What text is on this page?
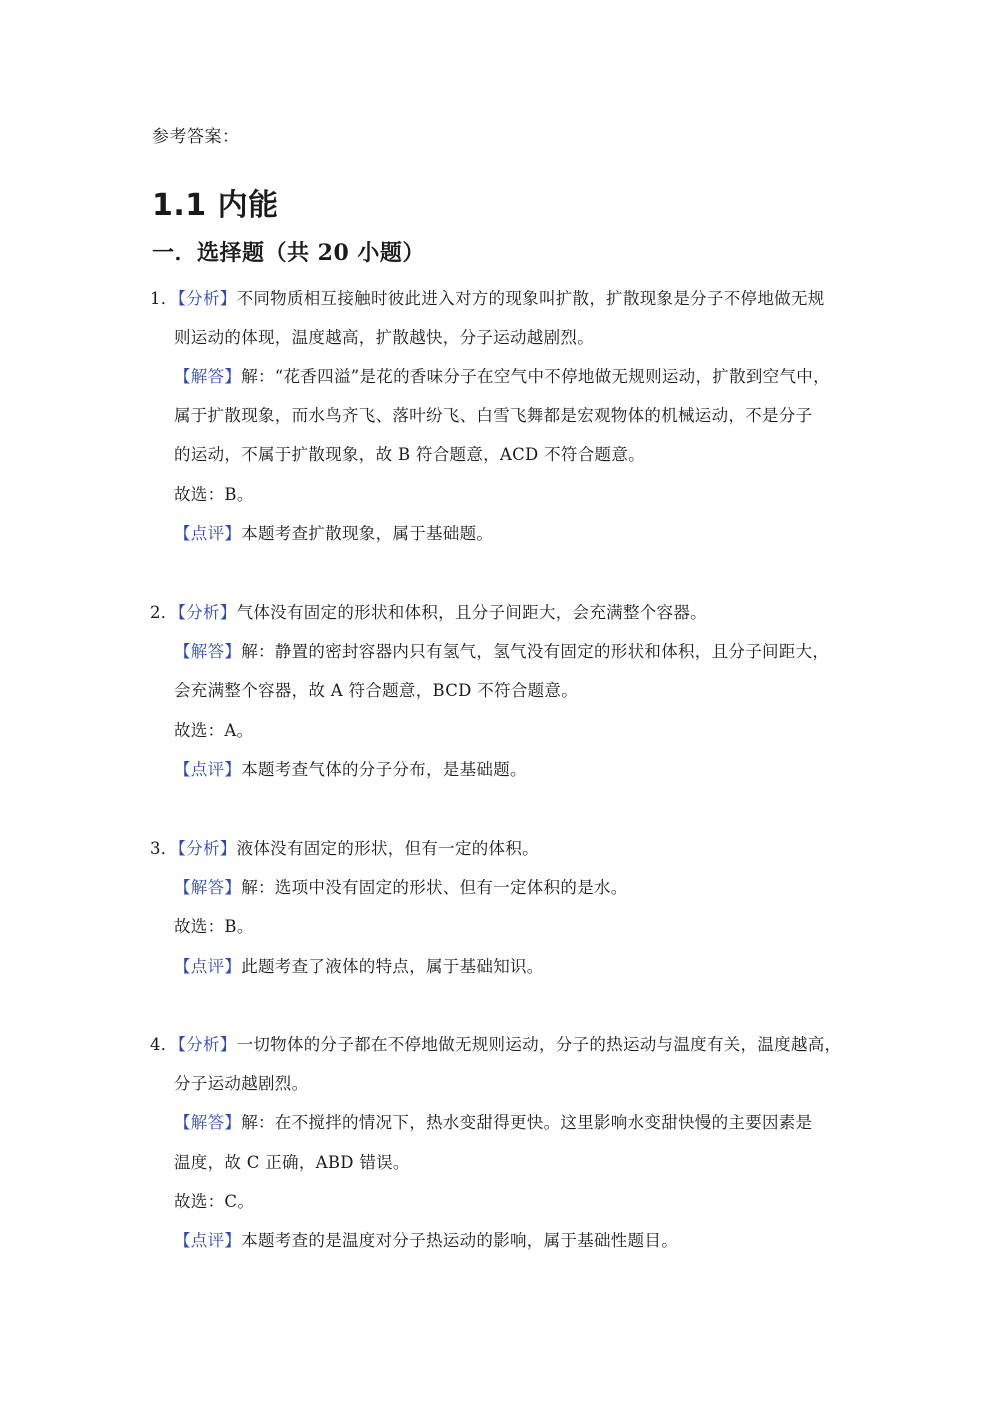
参考答案：
1.1 内能
一．选择题（共 20 小题）
1．【分析】不同物质相互接触时彼此进入对方的现象叫扩散，扩散现象是分子不停地做无规
则运动的体现，温度越高，扩散越快，分子运动越剧烈。
【解答】解：“花香四溢”是花的香味分子在空气中不停地做无规则运动，扩散到空气中，
属于扩散现象，而水鸟齐飞、落叶纷飞、白雪飞舞都是宏观物体的机械运动，不是分子
的运动，不属于扩散现象，故 B 符合题意，ACD 不符合题意。
故选：B。
【点评】本题考查扩散现象，属于基础题。
2．【分析】气体没有固定的形状和体积，且分子间距大，会充满整个容器。
【解答】解：静置的密封容器内只有氢气，氢气没有固定的形状和体积，且分子间距大，
会充满整个容器，故 A 符合题意，BCD 不符合题意。
故选：A。
【点评】本题考查气体的分子分布，是基础题。
3．【分析】液体没有固定的形状，但有一定的体积。
【解答】解：选项中没有固定的形状、但有一定体积的是水。
故选：B。
【点评】此题考查了液体的特点，属于基础知识。
4．【分析】一切物体的分子都在不停地做无规则运动，分子的热运动与温度有关，温度越高，
分子运动越剧烈。
【解答】解：在不搅拌的情况下，热水变甜得更快。这里影响水变甜快慢的主要因素是
温度，故 C 正确，ABD 错误。
故选：C。
【点评】本题考查的是温度对分子热运动的影响，属于基础性题目。
